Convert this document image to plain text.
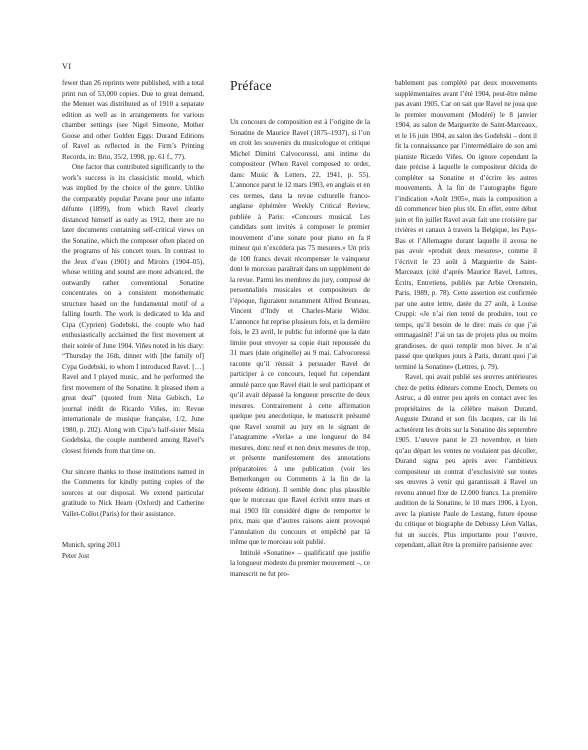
VI

fewer than 26 reprints were published, with a total print run of 53,000 copies. Due to great demand, the Menuet was distributed as of 1910 a separate edition as well as in arrangements for various chamber settings (see Nigel Simeone, Mother Goose and other Golden Eggs: Durand Editions of Ravel as reflected in the Firm’s Printing Records, in: Brio, 35/2, 1998, pp. 61 f., 77).

One factor that contributed significantly to the work’s success is its classicistic mould, which was implied by the choice of the genre. Unlike the comparably popular Pavane pour une infante défunte (1899), from which Ravel clearly distanced himself as early as 1912, there are no later documents containing self-critical views on the Sonatine, which the composer often placed on the programs of his concert tours. In contrast to the Jeux d’eau (1901) and Miroirs (1904–05), whose writing and sound are more advanced, the outwardly rather conventional Sonatine concentrates on a consistent monothematic structure based on the fundamental motif of a falling fourth. The work is dedicated to Ida and Cipa (Cyprien) Godebski, the couple who had enthusiastically acclaimed the first movement at their soirée of June 1904. Viñes noted in his diary: “Thursday the 16th, dinner with [the family of] Cypa Godebski, to whom I introduced Ravel. […] Ravel and I played music, and he performed the first movement of the Sonatine. It pleased them a great deal” (quoted from Nina Gubisch, Le journal inédit de Ricardo Viñes, in: Revue internationale de musique française, 1/2, June 1980, p. 202). Along with Cipa’s half-sister Misia Godebska, the couple numbered among Ravel’s closest friends from that time on.

Our sincere thanks to those institutions named in the Comments for kindly putting copies of the sources at our disposal. We extend particular gratitude to Nick Hearn (Oxford) and Catherine Vallet-Collot (Paris) for their assistance.

Munich, spring 2011
Peter Jost
Préface

Un concours de composition est à l’origine de la Sonatine de Maurice Ravel (1875–1937), si l’on en croit les souvenirs du musicologue et critique Michel Dimitri Calvocoressi, ami intime du compositeur (When Ravel composed to order, dans: Music & Letters, 22, 1941, p. 55). L’annonce parut le 12 mars 1903, en anglais et en ces termes, dans la revue culturelle franco-anglaise éphémère Weekly Critical Review, publiée à Paris: «Concours musical. Les candidats sont invités à composer le premier mouvement d’une sonate pour piano en fa♯ mineur qui n’excédera pas 75 mesures.» Un prix de 100 francs devait récompenser le vainqueur dont le morceau paraîtrait dans un supplément de la revue. Parmi les membres du jury, composé de personnalités musicales et compositeurs de l’époque, figuraient notamment Alfred Bruneau, Vincent d’Indy et Charles-Marie Widor. L’annonce fut reprise plusieurs fois, et la dernière fois, le 23 avril, le public fut informé que la date limite pour envoyer sa copie était repoussée du 31 mars (date originelle) au 9 mai. Calvocoressi raconte qu’il réussit à persuader Ravel de participer à ce concours, lequel fut cependant annulé parce que Ravel était le seul participant et qu’il avait dépassé la longueur prescrite de deux mesures. Contrairement à cette affirmation quelque peu anecdotique, le manuscrit présumé que Ravel soumit au jury en le signant de l’anagramme «Verla» a une longueur de 84 mesures, donc neuf et non deux mesures de trop, et présente manifestement des annotations préparatoires à une publication (voir les Bemerkungen ou Comments à la fin de la présente édition). Il semble donc plus plausible que le morceau que Ravel écrivit entre mars et mai 1903 fût considéré digne de remporter le prix, mais que d’autres raisons aient provoqué l’annulation du concours et empêché par là même que le morceau soit publié.

Intitulé «Sonatine» – qualificatif que justifie la longueur modeste du premier mouvement –, ce manuscrit ne fut pro-

bablement pas complété par deux mouvements supplémentaires avant l’été 1904, peut-être même pas avant 1905. Car on sait que Ravel ne joua que le premier mouvement (Modéré) le 8 janvier 1904, au salon de Marguerite de Saint-Marceaux, et le 16 juin 1904, au salon des Godebski – dont il fit la connaissance par l’intermédiaire de son ami pianiste Ricardo Viñes. On ignore cependant la date précise à laquelle le compositeur décida de compléter sa Sonatine et d’écrire les autres mouvements. À la fin de l’autographe figure l’indication «Août 1905», mais la composition a dû commencer bien plus tôt. En effet, entre début juin et fin juillet Ravel avait fait une croisière par rivières et canaux à travers la Belgique, les Pays-Bas et l’Allemagne durant laquelle il avoua ne pas avoir «produit deux mesures», comme il l’écrivit le 23 août à Marguerite de Saint-Marceaux (cité d’après Maurice Ravel, Lettres, Écrits, Entretiens, publiés par Arbie Orenstein, Paris, 1989, p. 78). Cette assertion est confirmée par une autre lettre, datée du 27 août, à Louise Cruppi: «Je n’ai rien tenté de produire, tout ce temps, qu’il besoin de le dire: mais ce que j’ai emmagasiné! J’ai un tas de projets plus ou moins grandioses, de quoi remplir mon hiver. Je n’ai passé que quelques jours à Paris, durant quoi j’ai terminé la Sonatine» (Lettres, p. 79).

Ravel, qui avait publié ses œuvres antérieures chez de petits éditeurs comme Enoch, Demets ou Astruc, a dû entrer peu après en contact avec les propriétaires de la célèbre maison Durand, Auguste Durand et son fils Jacques, car ils lui achetèrent les droits sur la Sonatine dès septembre 1905. L’œuvre parut le 23 novembre, et bien qu’au départ les ventes ne voulaient pas décoller, Durand signa peu après avec l’ambitieux compositeur un contrat d’exclusivité sur toutes ses œuvres à venir qui garantissait à Ravel un revenu annuel fixe de 12.000 francs. La première audition de la Sonatine, le 10 mars 1906, à Lyon, avec la pianiste Paule de Lestang, future épouse du critique et biographe de Debussy Léon Vallas, fut un succès. Plus importante pour l’œuvre, cependant, allait être la première parisienne avec
